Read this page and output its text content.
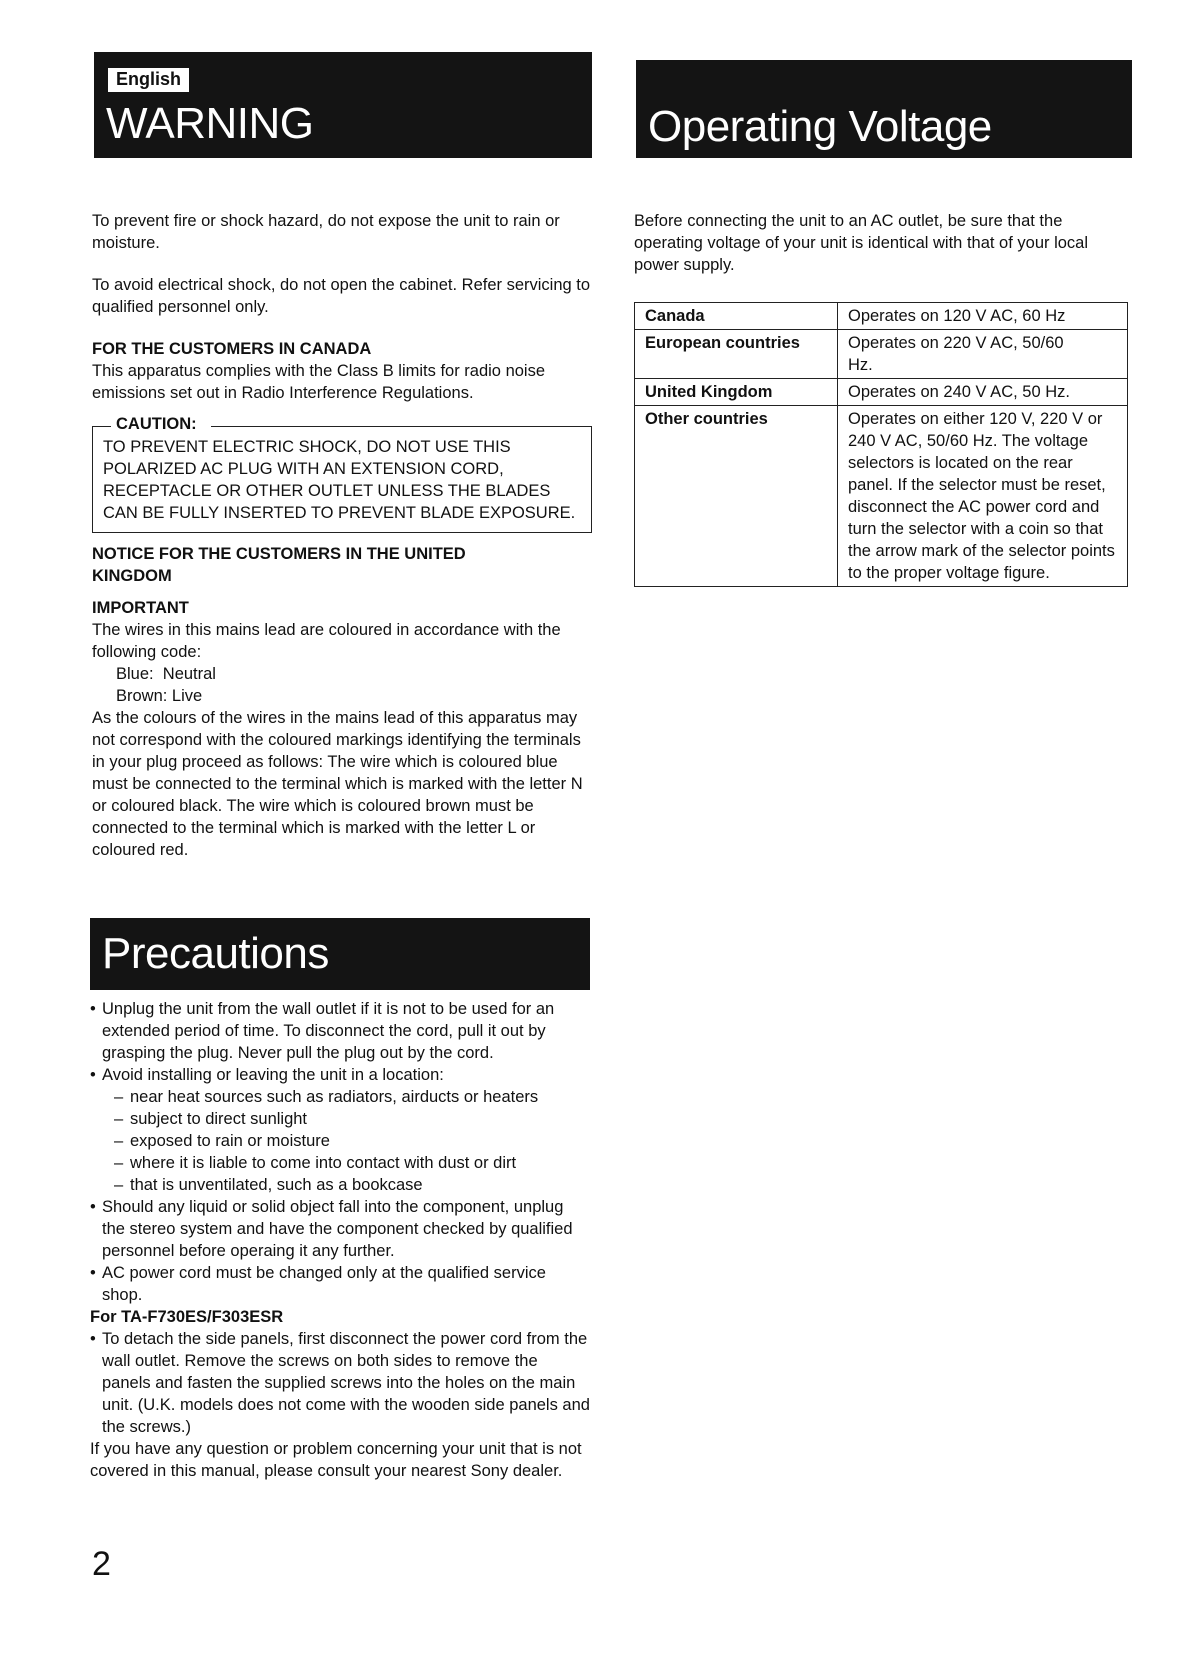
English
WARNING	Operating Voltage

To prevent fire or shock hazard, do not expose the unit to rain or moisture.

To avoid electrical shock, do not open the cabinet. Refer servicing to qualified personnel only.

FOR THE CUSTOMERS IN CANADA

This apparatus complies with the Class B limits for radio noise emissions set out in Radio Interference Regulations.

CAUTION:

TO PREVENT ELECTRIC SHOCK, DO NOT USE THIS POLARIZED AC PLUG WITH AN EXTENSION CORD, RECEPTACLE OR OTHER OUTLET UNLESS THE BLADES CAN BE FULLY INSERTED TO PREVENT BLADE EXPOSURE.

NOTICE FOR THE CUSTOMERS IN THE UNITED KINGDOM

IMPORTANT

The wires in this mains lead are coloured in accordance with the following code:

Blue:  Neutral

Brown: Live

As the colours of the wires in the mains lead of this apparatus may not correspond with the coloured markings identifying the terminals in your plug proceed as follows: The wire which is coloured blue must be connected to the terminal which is marked with the letter N or coloured black. The wire which is coloured brown must be connected to the terminal which is marked with the letter L or coloured red.

Precautions
• Unplug the unit from the wall outlet if it is not to be used for an extended period of time. To disconnect the cord, pull it out by grasping the plug. Never pull the plug out by the cord.
• Avoid installing or leaving the unit in a location:
– near heat sources such as radiators, airducts or heaters
– subject to direct sunlight
– exposed to rain or moisture
– where it is liable to come into contact with dust or dirt
– that is unventilated, such as a bookcase
• Should any liquid or solid object fall into the component, unplug the stereo system and have the component checked by qualified personnel before operaing it any further.
• AC power cord must be changed only at the qualified service shop.

For TA-F730ES/F303ESR

• To detach the side panels, first disconnect the power cord from the wall outlet. Remove the screws on both sides to remove the panels and fasten the supplied screws into the holes on the main unit. (U.K. models does not come with the wooden side panels and the screws.)

If you have any question or problem concerning your unit that is not covered in this manual, please consult your nearest Sony dealer.

Before connecting the unit to an AC outlet, be sure that the operating voltage of your unit is identical with that of your local power supply.

Canada	Operates on 120 V AC, 60 Hz
European countries	Operates on 220 V AC, 50/60 Hz.
United Kingdom	Operates on 240 V AC, 50 Hz.
Other countries	Operates on either 120 V, 220 V or 240 V AC, 50/60 Hz. The voltage selectors is located on the rear panel. If the selector must be reset, disconnect the AC power cord and turn the selector with a coin so that the arrow mark of the selector points to the proper voltage figure.
2
